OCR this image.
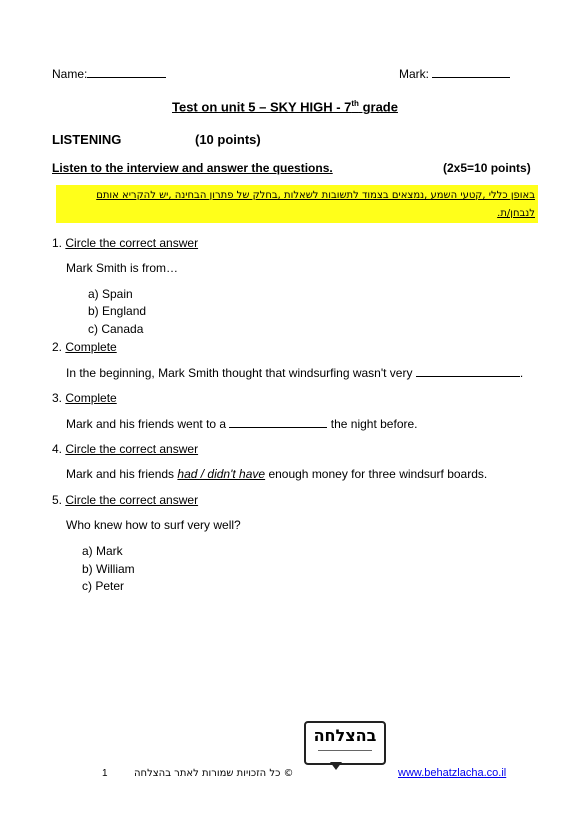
Name:	Mark:
Test on unit 5 – SKY HIGH - 7th grade
LISTENING	(10 points)
Listen to the interview and answer the questions.	(2x5=10 points)
באופן כללי ,קטעי השמע ,נמצאים בצמוד לתשובות לשאלות ,בחלק של פתרון הבחינה ,יש להקריא אותם
לנבחן/ת.
1. Circle the correct answer
Mark Smith is from…
a) Spain
b) England
c) Canada
2. Complete
In the beginning, Mark Smith thought that windsurfing wasn't very	.
3. Complete
Mark and his friends went to a	the night before.
4. Circle the correct answer
Mark and his friends had / didn't have enough money for three windsurf boards.
5. Circle the correct answer
Who knew how to surf very well?
a) Mark
b) William
c) Peter
בהצלחה
1	© כל הזכויות שמורות לאתר בהצלחה	www.behatzlacha.co.il
